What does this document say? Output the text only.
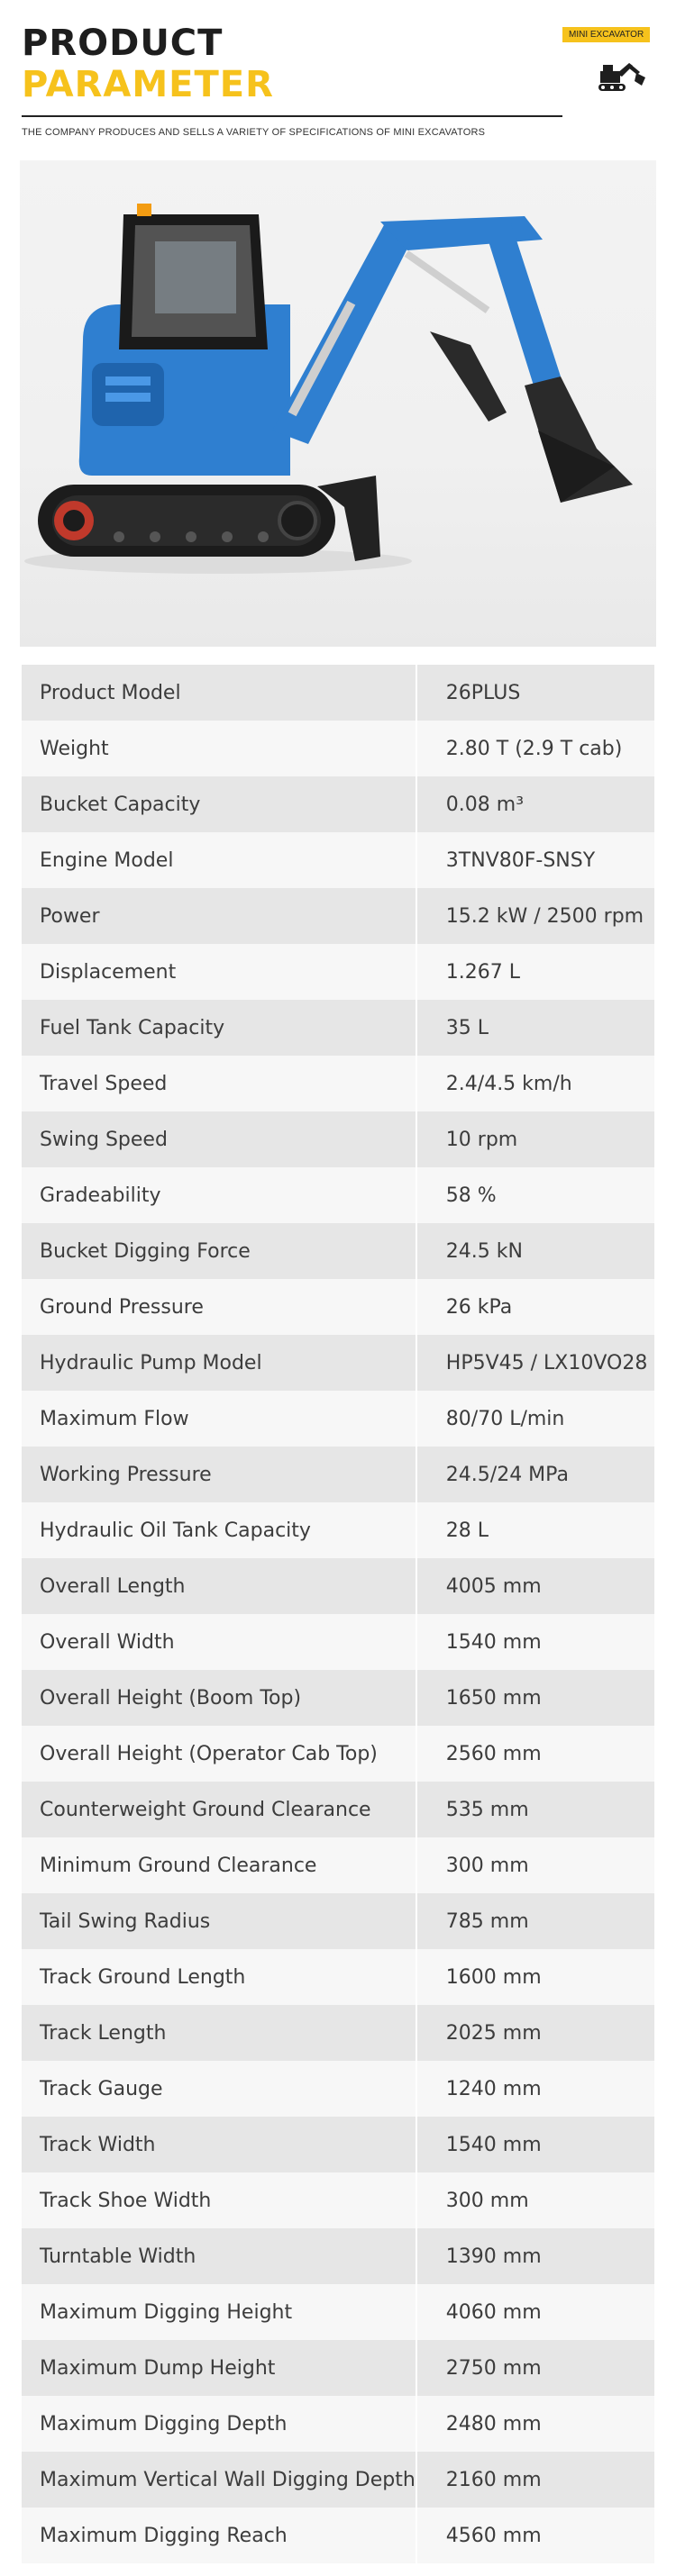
PRODUCT
PARAMETER
MINI EXCAVATOR
THE COMPANY PRODUCES AND SELLS A VARIETY OF SPECIFICATIONS OF MINI EXCAVATORS
Product Model	26PLUS
Weight	2.80 T (2.9 T cab)
Bucket Capacity	0.08 m³
Engine Model	3TNV80F-SNSY
Power	15.2 kW / 2500 rpm
Displacement	1.267 L
Fuel Tank Capacity	35 L
Travel Speed	2.4/4.5 km/h
Swing Speed	10 rpm
Gradeability	58 %
Bucket Digging Force	24.5 kN
Ground Pressure	26 kPa
Hydraulic Pump Model	HP5V45 / LX10VO28
Maximum Flow	80/70 L/min
Working Pressure	24.5/24 MPa
Hydraulic Oil Tank Capacity	28 L
Overall Length	4005 mm
Overall Width	1540 mm
Overall Height (Boom Top)	1650 mm
Overall Height (Operator Cab Top)	2560 mm
Counterweight Ground Clearance	535 mm
Minimum Ground Clearance	300 mm
Tail Swing Radius	785 mm
Track Ground Length	1600 mm
Track Length	2025 mm
Track Gauge	1240 mm
Track Width	1540 mm
Track Shoe Width	300 mm
Turntable Width	1390 mm
Maximum Digging Height	4060 mm
Maximum Dump Height	2750 mm
Maximum Digging Depth	2480 mm
Maximum Vertical Wall Digging Depth	2160 mm
Maximum Digging Reach	4560 mm
